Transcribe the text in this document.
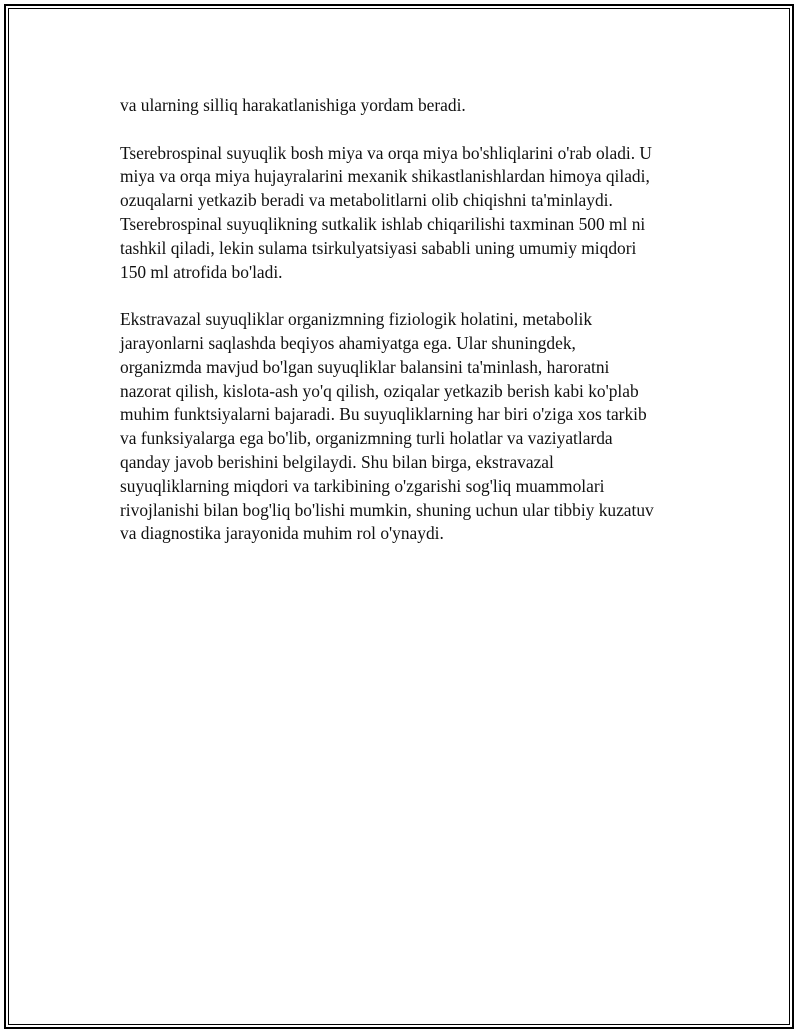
va ularning silliq harakatlanishiga yordam beradi.

Tserebrospinal suyuqlik bosh miya va orqa miya bo'shliqlarini o'rab oladi. U
miya va orqa miya hujayralarini mexanik shikastlanishlardan himoya qiladi,
ozuqalarni yetkazib beradi va metabolitlarni olib chiqishni ta'minlaydi.
Tserebrospinal suyuqlikning sutkalik ishlab chiqarilishi taxminan 500 ml ni
tashkil qiladi, lekin sulama tsirkulyatsiyasi sababli uning umumiy miqdori
150 ml atrofida bo'ladi.

Ekstravazal suyuqliklar organizmning fiziologik holatini, metabolik
jarayonlarni saqlashda beqiyos ahamiyatga ega. Ular shuningdek,
organizmda mavjud bo'lgan suyuqliklar balansini ta'minlash, haroratni
nazorat qilish, kislota-ash yo'q qilish, oziqalar yetkazib berish kabi ko'plab
muhim funktsiyalarni bajaradi. Bu suyuqliklarning har biri o'ziga xos tarkib
va funksiyalarga ega bo'lib, organizmning turli holatlar va vaziyatlarda
qanday javob berishini belgilaydi. Shu bilan birga, ekstravazal
suyuqliklarning miqdori va tarkibining o'zgarishi sog'liq muammolari
rivojlanishi bilan bog'liq bo'lishi mumkin, shuning uchun ular tibbiy kuzatuv
va diagnostika jarayonida muhim rol o'ynaydi.
